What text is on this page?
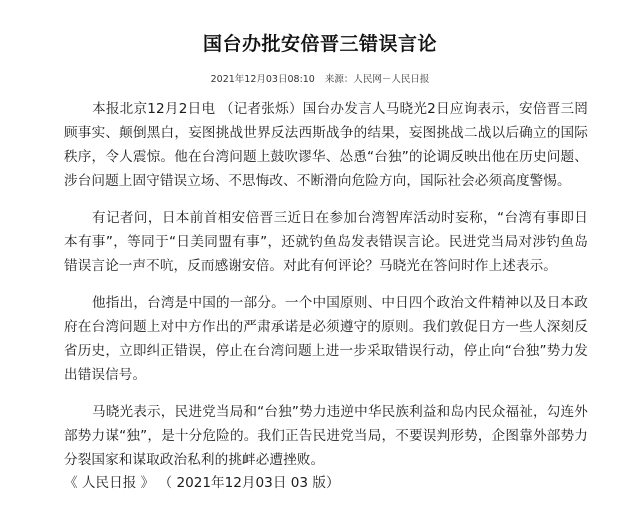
国台办批安倍晋三错误言论
2021年12月03日08:10 来源：人民网－人民日报

本报北京12月2日电 （记者张烁）国台办发言人马晓光2日应询表示，安倍晋三罔顾事实、颠倒黑白，妄图挑战世界反法西斯战争的结果，妄图挑战二战以后确立的国际秩序，令人震惊。他在台湾问题上鼓吹谬华、怂恿“台独”的论调反映出他在历史问题、涉台问题上固守错误立场、不思悔改、不断滑向危险方向，国际社会必须高度警惕。

有记者问，日本前首相安倍晋三近日在参加台湾智库活动时妄称，“台湾有事即日本有事”，等同于“日美同盟有事”，还就钓鱼岛发表错误言论。民进党当局对涉钓鱼岛错误言论一声不吭，反而感谢安倍。对此有何评论？马晓光在答问时作上述表示。

他指出，台湾是中国的一部分。一个中国原则、中日四个政治文件精神以及日本政府在台湾问题上对中方作出的严肃承诺是必须遵守的原则。我们敦促日方一些人深刻反省历史，立即纠正错误，停止在台湾问题上进一步采取错误行动，停止向“台独”势力发出错误信号。

马晓光表示，民进党当局和“台独”势力违逆中华民族利益和岛内民众福祉，勾连外部势力谋“独”，是十分危险的。我们正告民进党当局，不要误判形势，企图靠外部势力分裂国家和谋取政治私利的挑衅必遭挫败。

《 人民日报 》 （ 2021年12月03日 03 版）
